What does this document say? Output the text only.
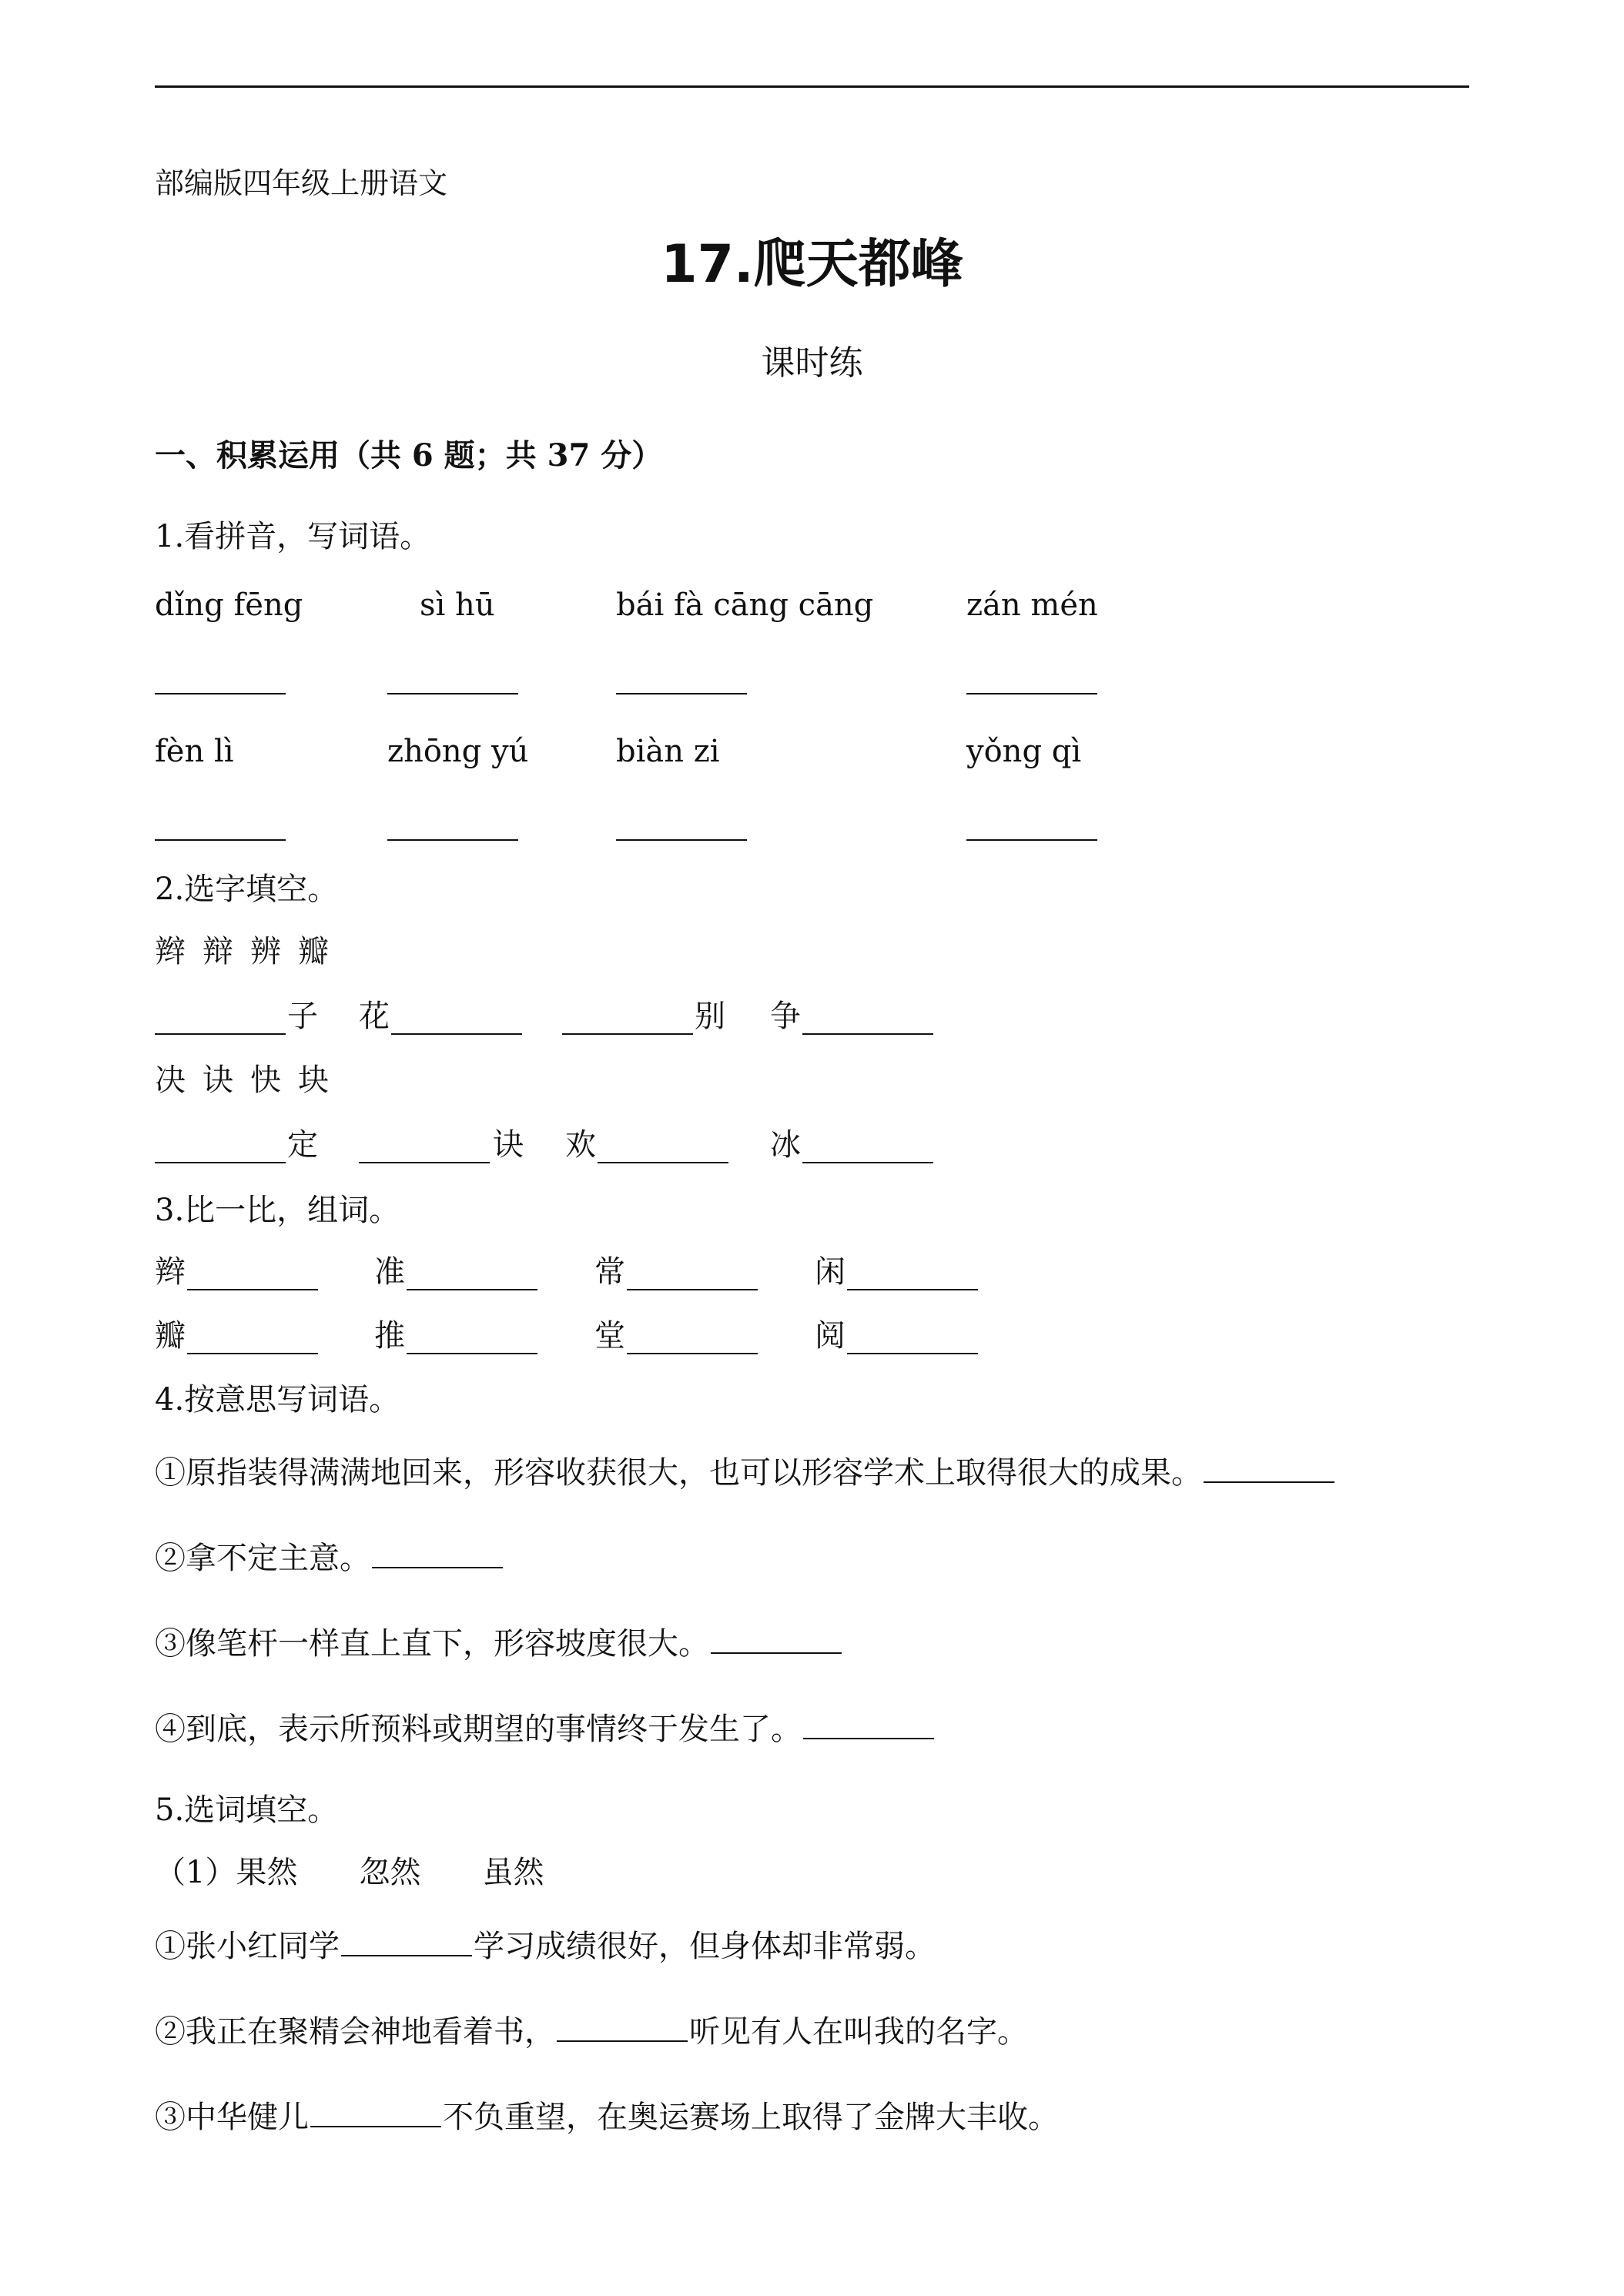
部编版四年级上册语文
17.爬天都峰
课时练
一、积累运用（共 6 题；共 37 分）
1.看拼音，写词语。
dǐng fēng	sì hū	bái fà cāng cāng	zán mén
fèn lì	zhōng yú	biàn zi	yǒng qì
2.选字填空。
辫 辩 辨 瓣
子 花	别 争
决 诀 快 块
定	诀 欢	冰
3.比一比，组词。
辫	准	常	闲
瓣	推	堂	阅
4.按意思写词语。
①原指装得满满地回来，形容收获很大，也可以形容学术上取得很大的成果。
②拿不定主意。
③像笔杆一样直上直下，形容坡度很大。
④到底，表示所预料或期望的事情终于发生了。
5.选词填空。
（1）果然　　忽然　　虽然
①张小红同学	学习成绩很好，但身体却非常弱。
②我正在聚精会神地看着书，	听见有人在叫我的名字。
③中华健儿	不负重望，在奥运赛场上取得了金牌大丰收。
